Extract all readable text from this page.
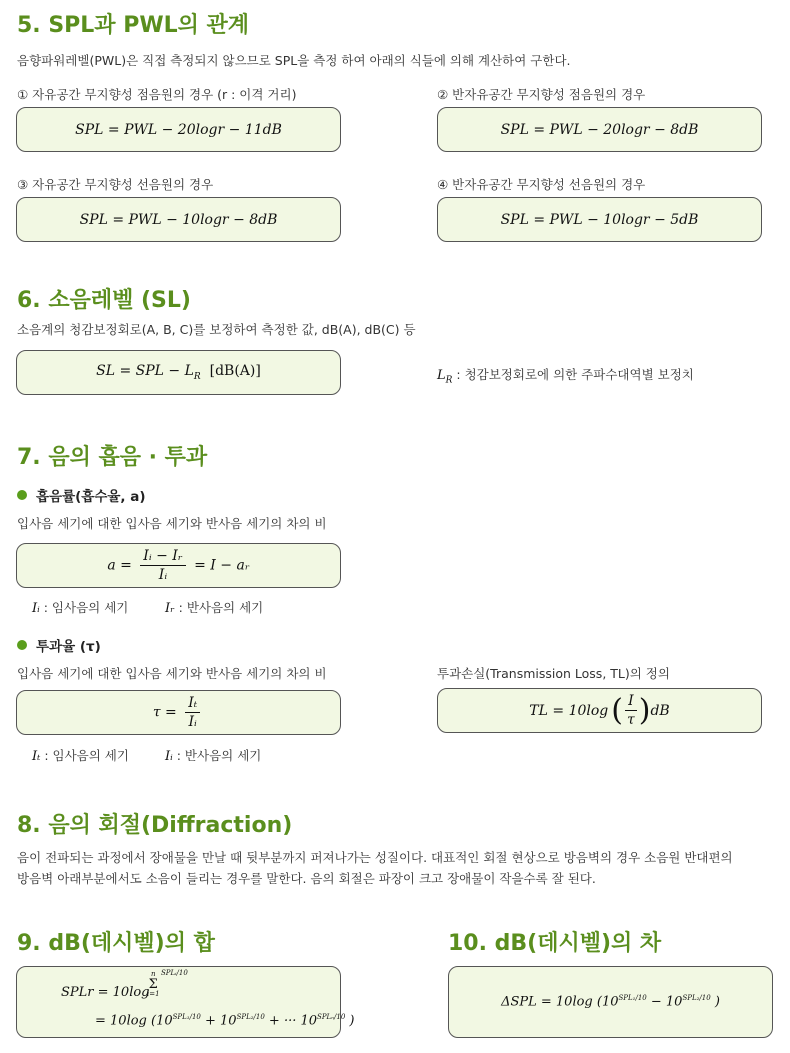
5. SPL과 PWL의 관계
음향파워레벨(PWL)은 직접 측정되지 않으므로 SPL을 측정 하여 아래의 식들에 의해 계산하여 구한다.
① 자유공간 무지향성 점음원의 경우 (r : 이격 거리)
SPL = PWL − 20logr − 11dB
② 반자유공간 무지향성 점음원의 경우
SPL = PWL − 20logr − 8dB
③ 자유공간 무지향성 선음원의 경우
SPL = PWL − 10logr − 8dB
④ 반자유공간 무지향성 선음원의 경우
SPL = PWL − 10logr − 5dB
6. 소음레벨 (SL)
소음계의 청감보정회로(A, B, C)를 보정하여 측정한 값, dB(A), dB(C) 등
SL = SPL − $L_R$ [dB(A)]	$L_R$ : 청감보정회로에 의한 주파수대역별 보정치
7. 음의 흡음 · 투과
흡음률(흡수율, a)
입사음 세기에 대한 입사음 세기와 반사음 세기의 차의 비
$a = \frac{\text{Iᵢ − Iᵣ}}{\text{Iᵢ}} = I$ − aᵣ
Iᵢ : 임사음의 세기	Iᵣ : 반사음의 세기
투과율 (τ)
입사음 세기에 대한 입사음 세기와 반사음 세기의 차의 비
$\tau = \frac{\text{Iₜ}}{\text{Iᵢ}}$
Iₜ : 임사음의 세기	Iᵢ : 반사음의 세기
투과손실(Transmission Loss, TL)의 정의
TL = 10log ( $\frac{I}{\tau}$ ) dB
8. 음의 회절(Diffraction)
음이 전파되는 과정에서 장애물을 만날 때 뒷부분까지 퍼져나가는 성질이다. 대표적인 회절 현상으로 방음벽의 경우 소음원 반대편의
방음벽 아래부분에서도 소음이 들리는 경우를 말한다. 음의 회절은 파장이 크고 장애물이 작을수록 잘 된다.
9. dB(데시벨)의 합
SPLr = 10log
n
Σ
i=1
SPLᵢ/10
= 10log ($10^{SPL_1/10} + 10^{SPL_2/10}$ + ··· $10^{SPL_n/10}$ )
10. dB(데시벨)의 차
ΔSPL = 10log ($10^{SPL_1/10} - 10^{SPL_2/10}$ )
